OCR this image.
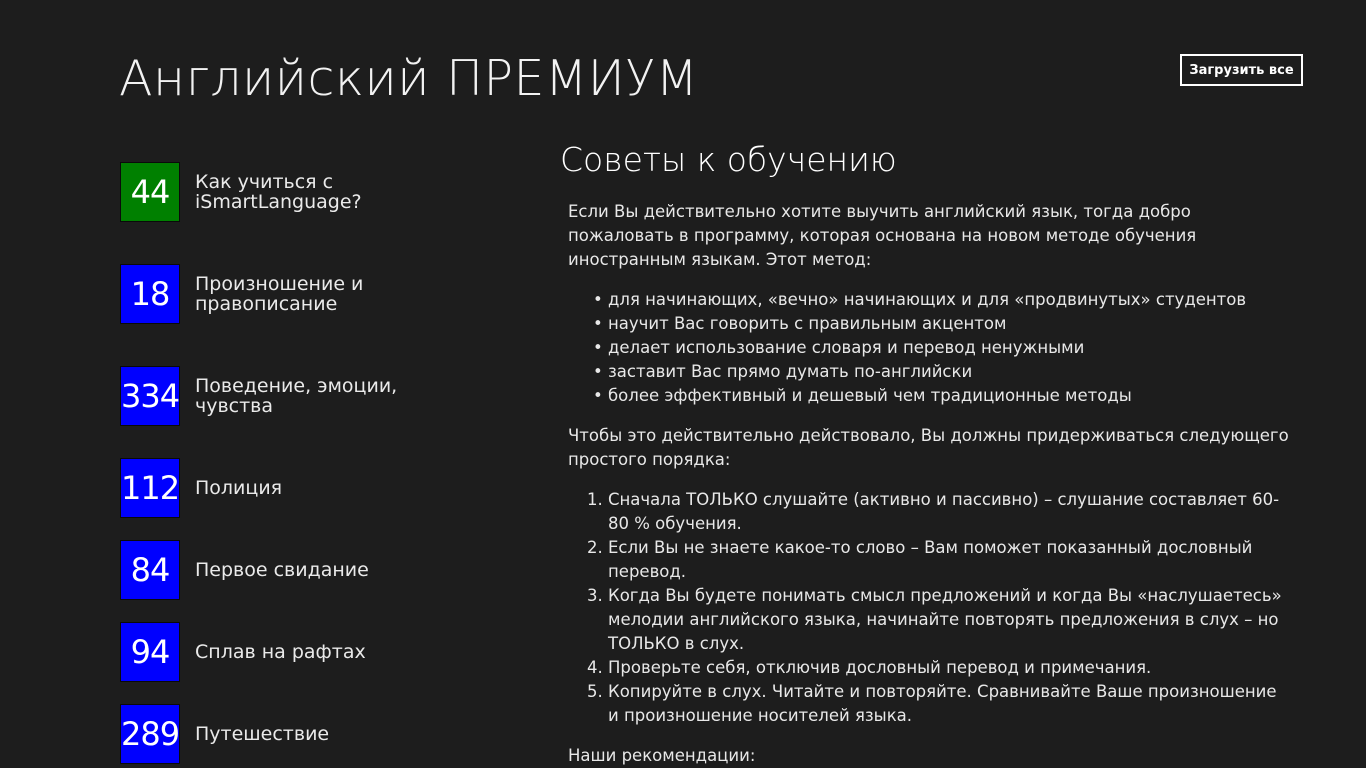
Английский ПРЕМИУМ	Загрузить все
44	Как учиться с iSmartLanguage?
18	Произношение и правописание
334 Поведение, эмоции, чувства
112 Полиция
84	Первое свидание
94	Сплав на рафтах
289 Путешествие
Советы к обучению

Если Вы действительно хотите выучить английский язык, тогда добро пожаловать в программу, которая основана на новом методе обучения иностранным языкам. Этот метод:

• для начинающих, «вечно» начинающих и для «продвинутых» студентов
• научит Вас говорить с правильным акцентом
• делает использование словаря и перевод ненужными
• заставит Вас прямо думать по-английски
• более эффективный и дешевый чем традиционные методы

Чтобы это действительно действовало, Вы должны придерживаться следующего простого порядка:

1. Сначала ТОЛЬКО слушайте (активно и пассивно) – слушание составляет 60-80 % обучения.
2. Если Вы не знаете какое-то слово – Вам поможет показанный дословный перевод.
3. Когда Вы будете понимать смысл предложений и когда Вы «наслушаетесь» мелодии английского языка, начинайте повторять предложения в слух – но ТОЛЬКО в слух.
4. Проверьте себя, отключив дословный перевод и примечания.
5. Копируйте в слух. Читайте и повторяйте. Сравнивайте Ваше произношение и произношение носителей языка.

Наши рекомендации:
